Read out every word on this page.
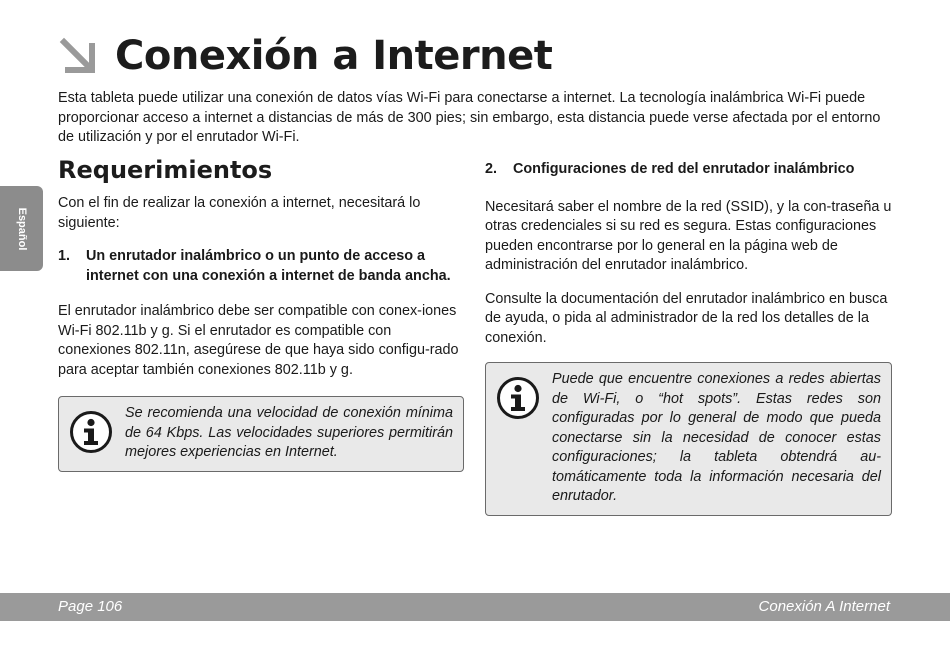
Español
Conexión a Internet

Esta tableta puede utilizar una conexión de datos vías Wi-Fi para conectarse a internet. La tecnología inalámbrica Wi-Fi puede proporcionar acceso a internet a distancias de más de 300 pies; sin embargo, esta distancia puede verse afectada por el entorno de utilización y por el enrutador Wi-Fi.

Requerimientos

Con el fin de realizar la conexión a internet, necesitará lo siguiente:

1.	Un enrutador inalámbrico o un punto de acceso a internet con una conexión a internet de banda ancha.

El enrutador inalámbrico debe ser compatible con conex-iones Wi-Fi 802.11b y g. Si el enrutador es compatible con conexiones 802.11n, asegúrese de que haya sido configu-rado para aceptar también conexiones 802.11b y g.

Se recomienda una velocidad de conexión mínima de 64 Kbps. Las velocidades superiores permitirán mejores experiencias en Internet.

2.	Configuraciones de red del enrutador inalámbrico

Necesitará saber el nombre de la red (SSID), y la con-traseña u otras credenciales si su red es segura. Estas configuraciones pueden encontrarse por lo general en la página web de administración del enrutador inalámbrico.

Consulte la documentación del enrutador inalámbrico en busca de ayuda, o pida al administrador de la red los detalles de la conexión.

Puede que encuentre conexiones a redes abiertas de Wi-Fi, o “hot spots”. Estas redes son configuradas por lo general de modo que pueda conectarse sin la necesidad de conocer estas configuraciones; la tableta obtendrá au-tomáticamente toda la información necesaria del enrutador.

Page 106	Conexión A Internet
